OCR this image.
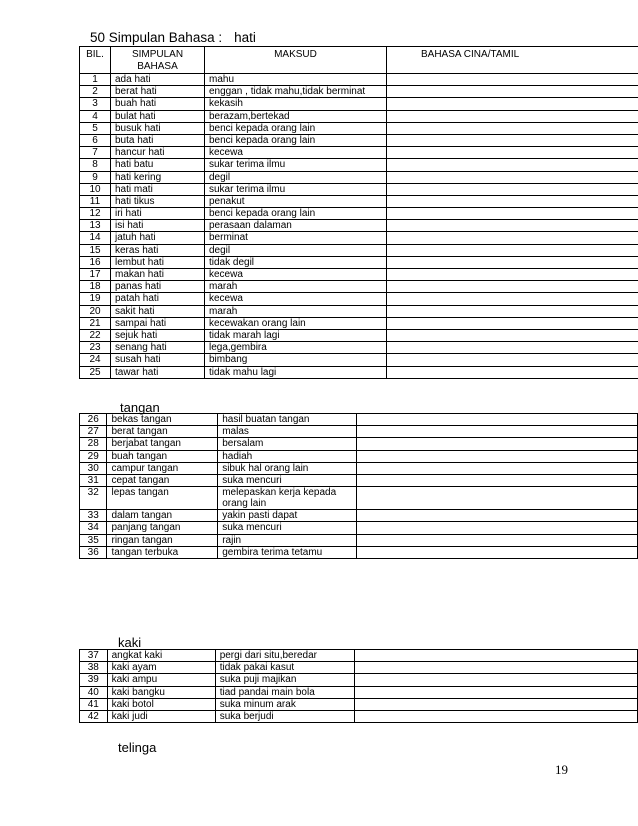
50 Simpulan Bahasa : hati
BIL.	SIMPULAN BAHASA	MAKSUD	BAHASA CINA/TAMIL
1	ada hati	mahu	
2	berat hati	enggan , tidak mahu,tidak berminat	
3	buah hati	kekasih	
4	bulat hati	berazam,bertekad	
5	busuk hati	benci kepada orang lain	
6	buta hati	benci kepada orang lain	
7	hancur hati	kecewa	
8	hati batu	sukar terima ilmu	
9	hati kering	degil	
10	hati mati	sukar terima ilmu	
11	hati tikus	penakut	
12	iri hati	benci kepada orang lain	
13	isi hati	perasaan dalaman	
14	jatuh hati	berminat	
15	keras hati	degil	
16	lembut hati	tidak degil	
17	makan hati	kecewa	
18	panas hati	marah	
19	patah hati	kecewa	
20	sakit hati	marah	
21	sampai hati	kecewakan orang lain	
22	sejuk hati	tidak marah lagi	
23	senang hati	lega,gembira	
24	susah hati	bimbang	
25	tawar hati	tidak mahu lagi	
tangan
26	bekas tangan	hasil buatan tangan	
27	berat tangan	malas	
28	berjabat tangan	bersalam	
29	buah tangan	hadiah	
30	campur tangan	sibuk hal orang lain	
31	cepat tangan	suka mencuri	
32	lepas tangan	melepaskan kerja kepada orang lain	
33	dalam tangan	yakin pasti dapat	
34	panjang tangan	suka mencuri	
35	ringan tangan	rajin	
36	tangan terbuka	gembira terima tetamu	
kaki
37	angkat kaki	pergi dari situ,beredar	
38	kaki ayam	tidak pakai kasut	
39	kaki ampu	suka puji majikan	
40	kaki bangku	tiad pandai main bola	
41	kaki botol	suka minum arak	
42	kaki judi	suka berjudi	
telinga
19
